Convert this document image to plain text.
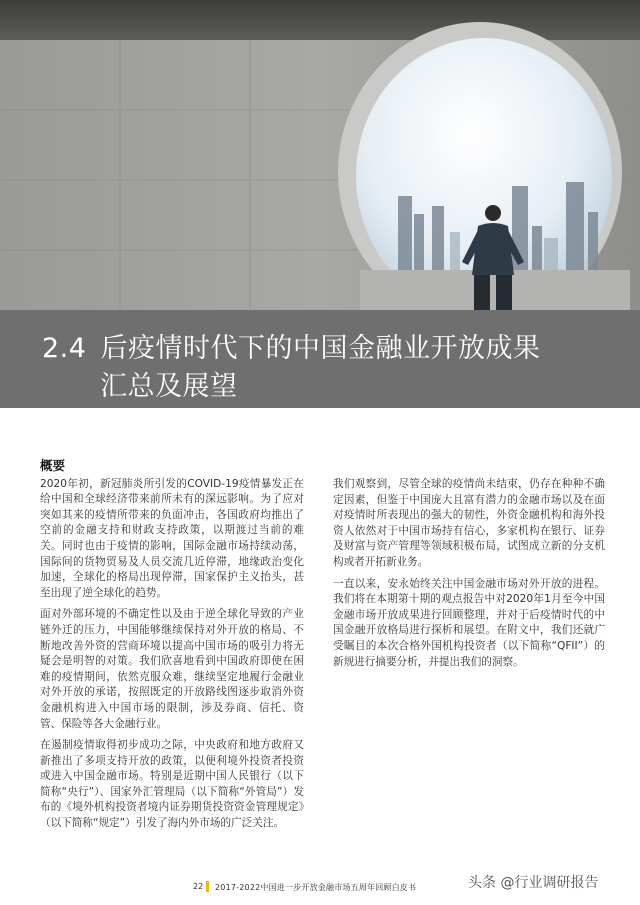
2.4 后疫情时代下的中国金融业开放成果
汇总及展望
概要

2020年初，新冠肺炎所引发的COVID-19疫情暴发正在给中国和全球经济带来前所未有的深远影响。为了应对突如其来的疫情所带来的负面冲击，各国政府均推出了空前的金融支持和财政支持政策，以期渡过当前的难关。同时也由于疫情的影响，国际金融市场持续动荡，国际间的货物贸易及人员交流几近停滞，地缘政治变化加速，全球化的格局出现停滞，国家保护主义抬头，甚至出现了逆全球化的趋势。

面对外部环境的不确定性以及由于逆全球化导致的产业链外迁的压力，中国能够继续保持对外开放的格局、不断地改善外资的营商环境以提高中国市场的吸引力将无疑会是明智的对策。我们欣喜地看到中国政府即使在困难的疫情期间，依然克服众难，继续坚定地履行金融业对外开放的承诺，按照既定的开放路线图逐步取消外资金融机构进入中国市场的限制，涉及券商、信托、资管、保险等各大金融行业。

在遏制疫情取得初步成功之际，中央政府和地方政府又新推出了多项支持开放的政策，以便利境外投资者投资或进入中国金融市场。特别是近期中国人民银行（以下简称“央行”）、国家外汇管理局（以下简称“外管局”）发布的《境外机构投资者境内证券期货投资资金管理规定》（以下简称“规定”）引发了海内外市场的广泛关注。

我们观察到，尽管全球的疫情尚未结束，仍存在种种不确定因素，但鉴于中国庞大且富有潜力的金融市场以及在面对疫情时所表现出的强大的韧性，外资金融机构和海外投资人依然对于中国市场持有信心，多家机构在银行、证券及财富与资产管理等领域积极布局，试图成立新的分支机构或者开拓新业务。

一直以来，安永始终关注中国金融市场对外开放的进程。我们将在本期第十期的观点报告中对2020年1月至今中国金融市场开放成果进行回顾整理，并对于后疫情时代的中国金融开放格局进行探析和展望。在附文中，我们还就广受瞩目的本次合格外国机构投资者（以下简称“QFII”）的新规进行摘要分析，并提出我们的洞察。

22 2017-2022中国进一步开放金融市场五周年回顾白皮书	头条 @行业调研报告
